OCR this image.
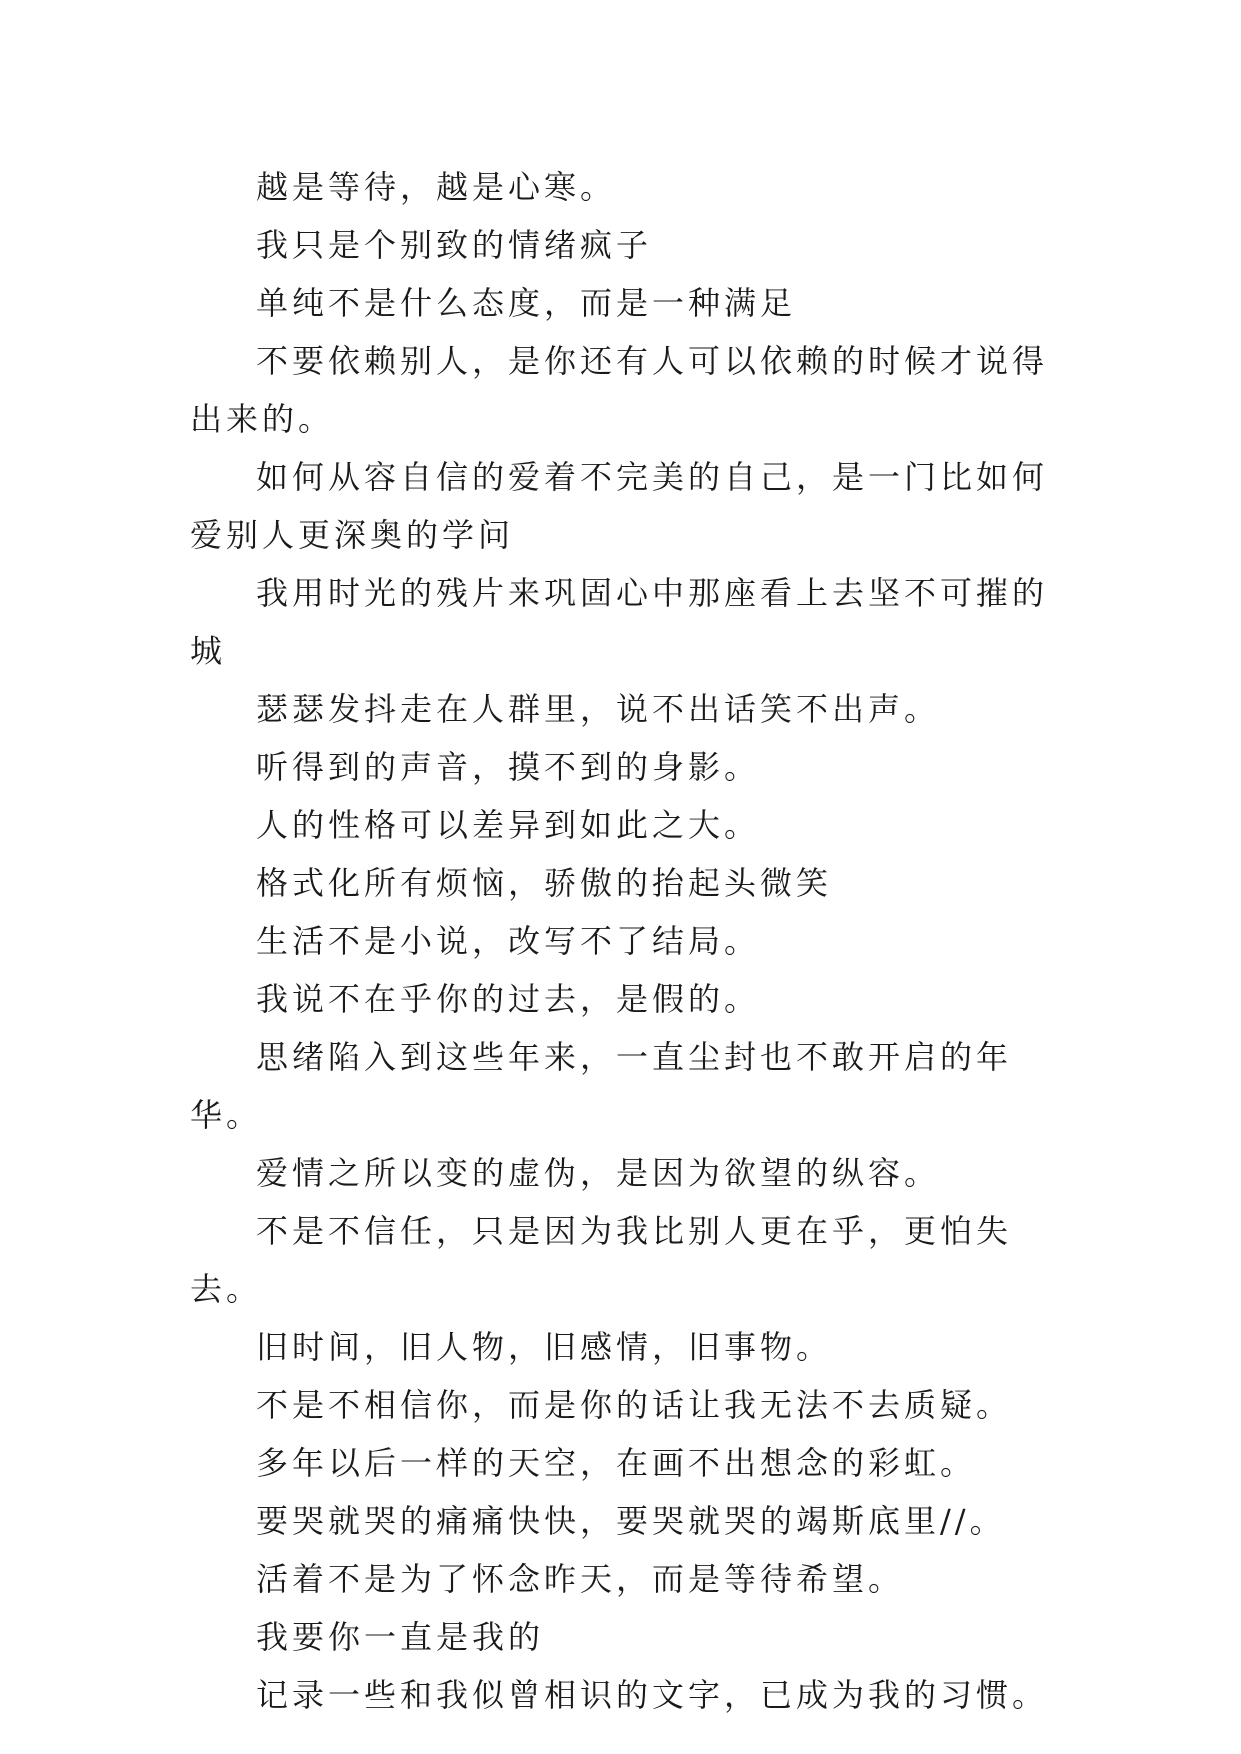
越是等待，越是心寒。

我只是个别致的情绪疯子

单纯不是什么态度，而是一种满足

不要依赖别人，是你还有人可以依赖的时候才说得出来的。

如何从容自信的爱着不完美的自己，是一门比如何爱别人更深奥的学问

我用时光的残片来巩固心中那座看上去坚不可摧的城

瑟瑟发抖走在人群里，说不出话笑不出声。

听得到的声音，摸不到的身影。

人的性格可以差异到如此之大。

格式化所有烦恼，骄傲的抬起头微笑

生活不是小说，改写不了结局。

我说不在乎你的过去，是假的。

思绪陷入到这些年来，一直尘封也不敢开启的年华。

爱情之所以变的虚伪，是因为欲望的纵容。

不是不信任，只是因为我比别人更在乎，更怕失去。

旧时间，旧人物，旧感情，旧事物。

不是不相信你，而是你的话让我无法不去质疑。

多年以后一样的天空，在画不出想念的彩虹。

要哭就哭的痛痛快快，要哭就哭的竭斯底里//。

活着不是为了怀念昨天，而是等待希望。

我要你一直是我的

记录一些和我似曾相识的文字，已成为我的习惯。
